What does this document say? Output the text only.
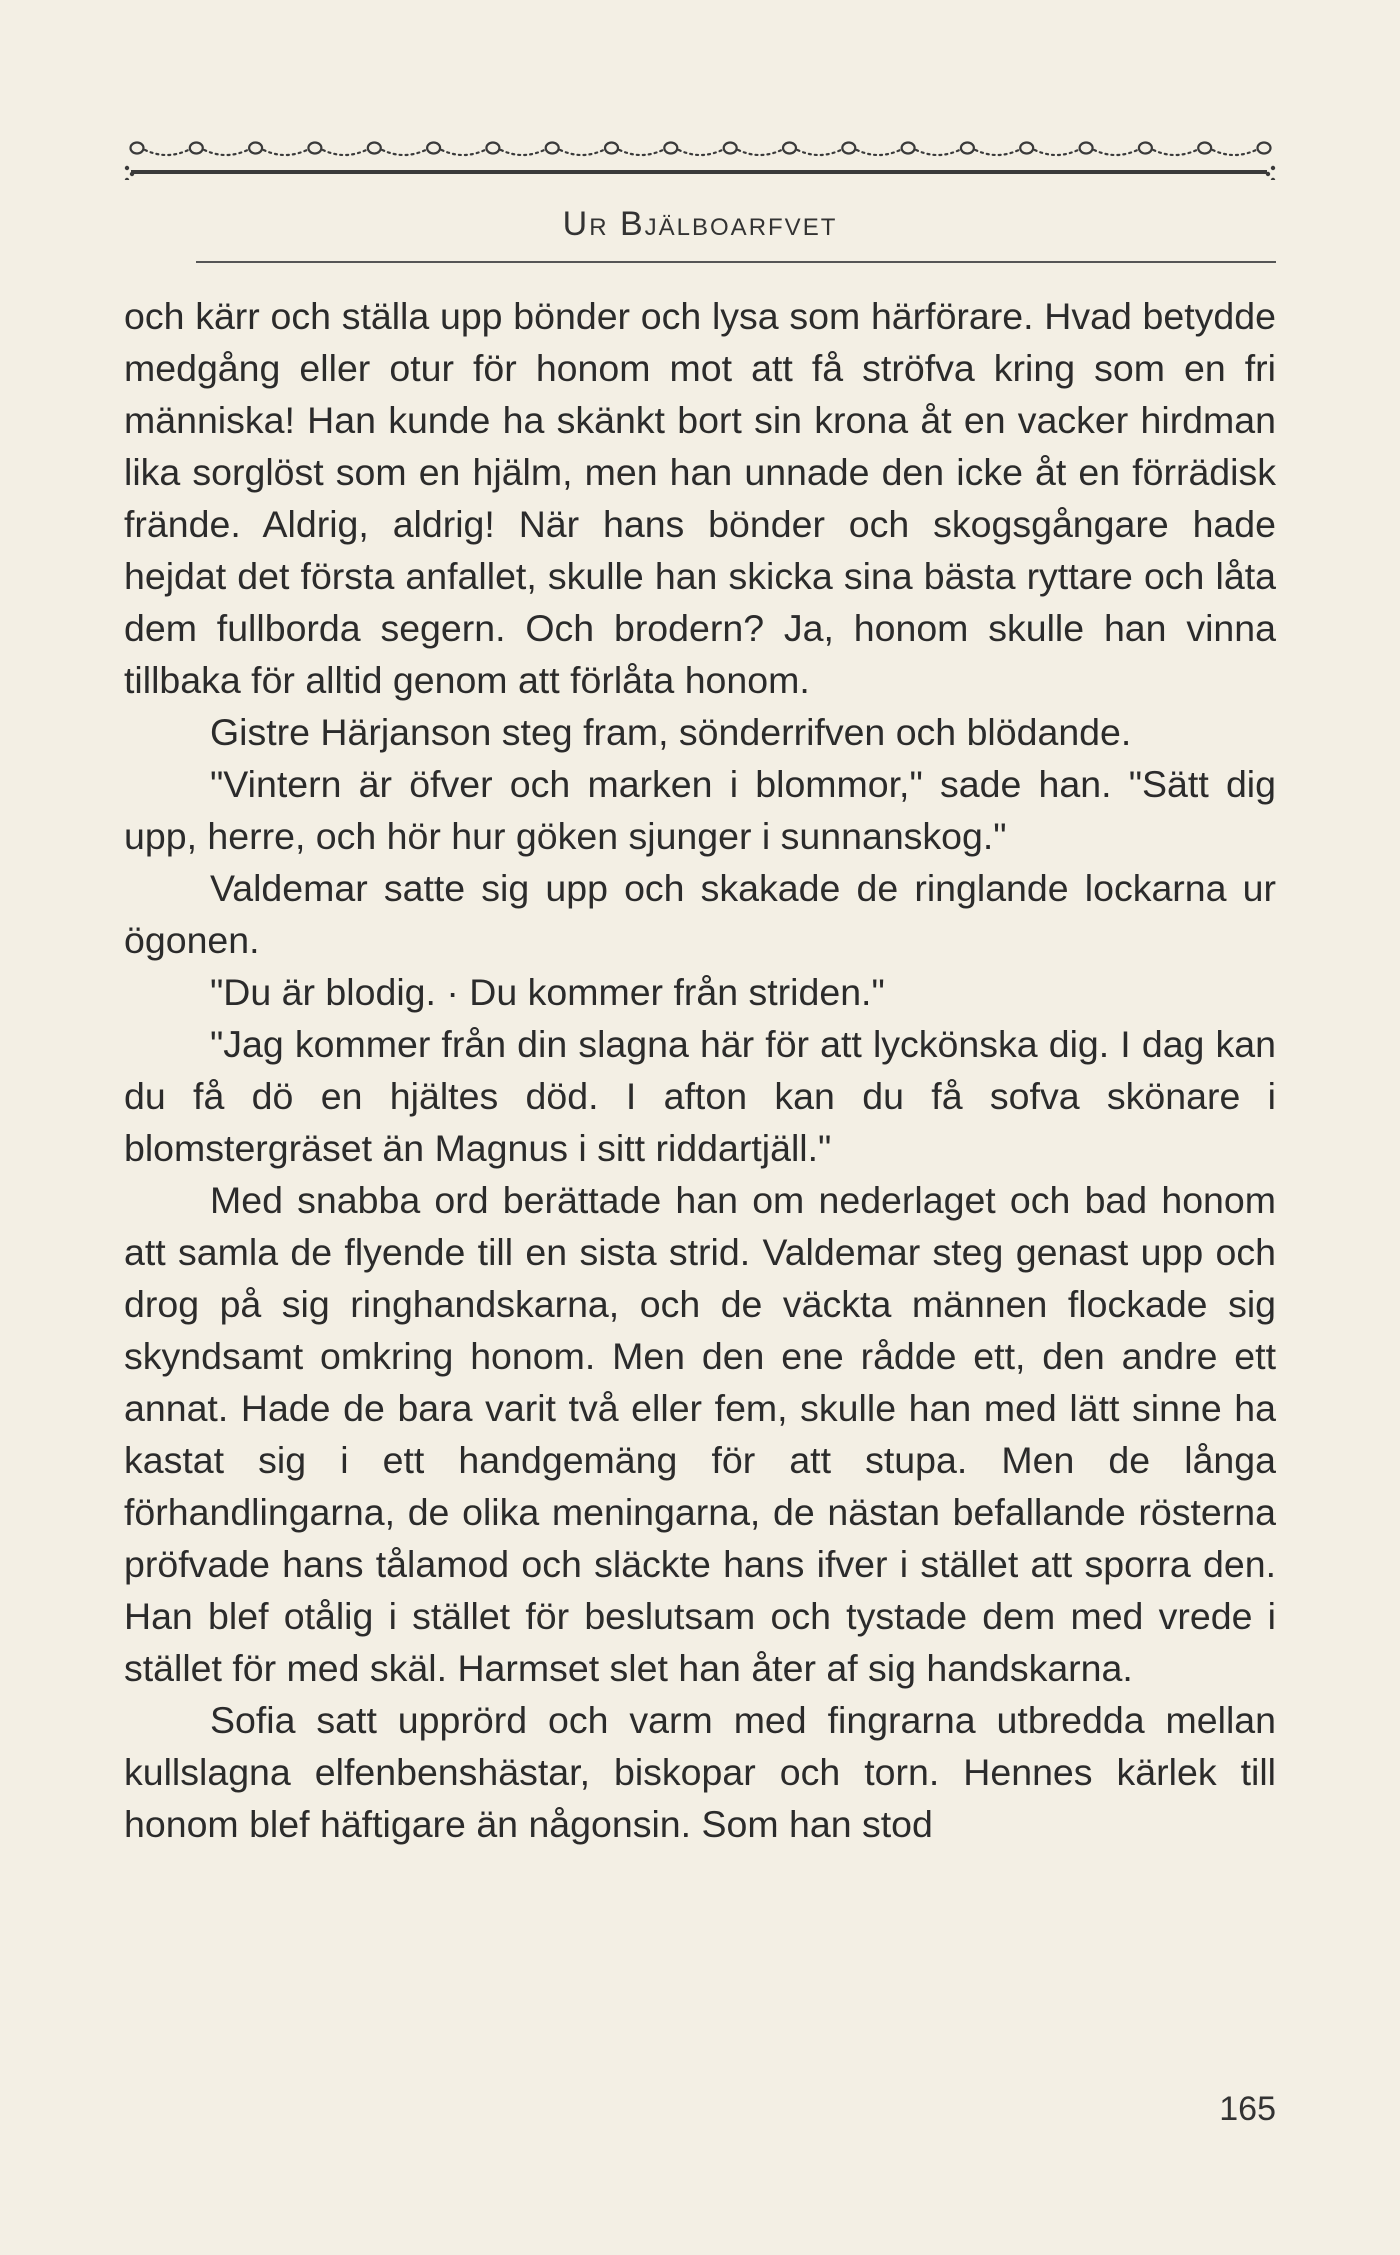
Ur Bjälboarfvet

och kärr och ställa upp bönder och lysa som härförare. Hvad betydde medgång eller otur för honom mot att få ströfva kring som en fri människa! Han kunde ha skänkt bort sin krona åt en vacker hirdman lika sorglöst som en hjälm, men han unnade den icke åt en förrädisk frände. Aldrig, aldrig! När hans bönder och skogsgångare hade hejdat det första anfallet, skulle han skicka sina bästa ryttare och låta dem fullborda segern. Och brodern? Ja, honom skulle han vinna tillbaka för alltid genom att förlåta honom.

Gistre Härjanson steg fram, sönderrifven och blödande.

"Vintern är öfver och marken i blommor," sade han. "Sätt dig upp, herre, och hör hur göken sjunger i sunnanskog."

Valdemar satte sig upp och skakade de ringlande lockarna ur ögonen.

"Du är blodig. · Du kommer från striden."

"Jag kommer från din slagna här för att lyckönska dig. I dag kan du få dö en hjältes död. I afton kan du få sofva skönare i blomstergräset än Magnus i sitt riddartjäll."

Med snabba ord berättade han om nederlaget och bad honom att samla de flyende till en sista strid. Valdemar steg genast upp och drog på sig ringhandskarna, och de väckta männen flockade sig skyndsamt omkring honom. Men den ene rådde ett, den andre ett annat. Hade de bara varit två eller fem, skulle han med lätt sinne ha kastat sig i ett handgemäng för att stupa. Men de långa förhandlingarna, de olika meningarna, de nästan befallande rösterna pröfvade hans tålamod och släckte hans ifver i stället att sporra den. Han blef otålig i stället för beslutsam och tystade dem med vrede i stället för med skäl. Harmset slet han åter af sig handskarna.

Sofia satt upprörd och varm med fingrarna utbredda mellan kullslagna elfenbenshästar, biskopar och torn. Hennes kärlek till honom blef häftigare än någonsin. Som han stod

165
